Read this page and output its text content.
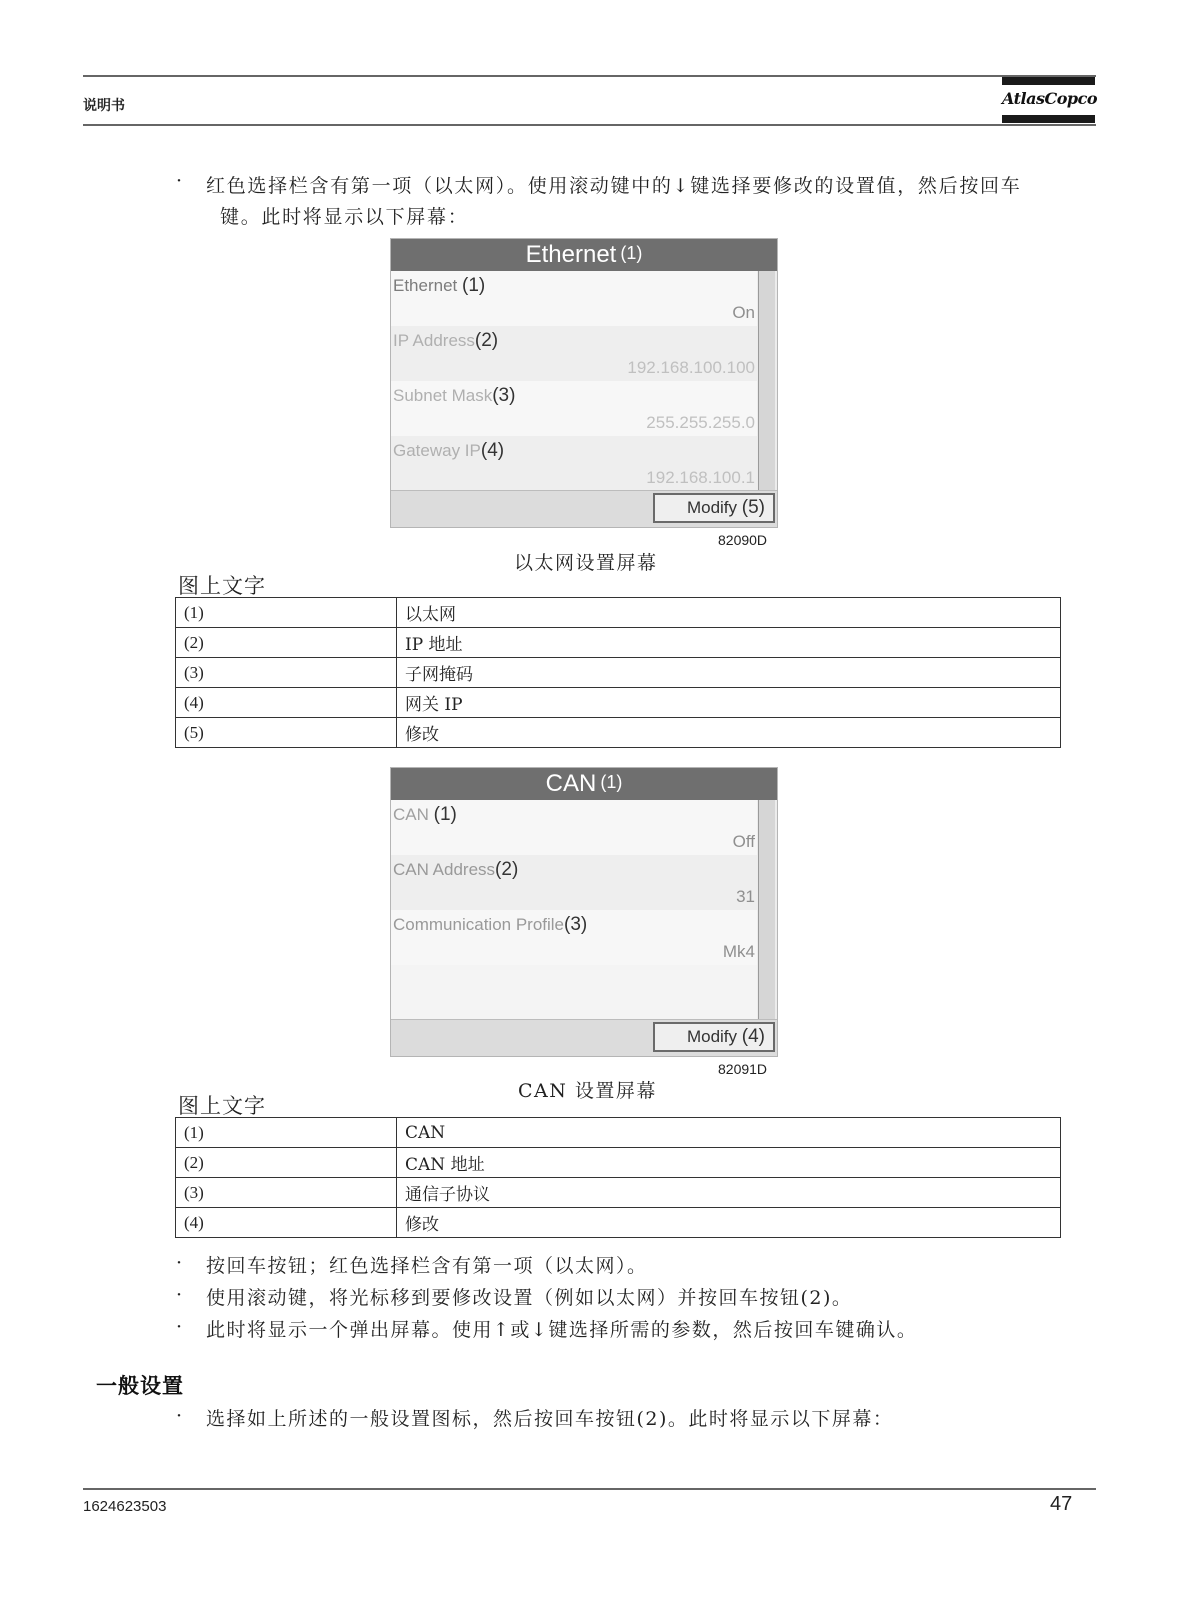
说明书	AtlasCopco
· 红色选择栏含有第一项（以太网）。使用滚动键中的↓键选择要修改的设置值，然后按回车
键。此时将显示以下屏幕：
Ethernet (1)
Ethernet (1)
On
IP Address(2)
192.168.100.100
Subnet Mask(3)
255.255.255.0
Gateway IP(4)
192.168.100.1
Modify (5)
82090D
以太网设置屏幕
图上文字
(1)	以太网
(2)	IP 地址
(3)	子网掩码
(4)	网关 IP
(5)	修改
CAN (1)
CAN (1)
Off
CAN Address(2)
31
Communication Profile(3)
Mk4
Modify (4)
82091D
CAN 设置屏幕
图上文字
(1)	CAN
(2)	CAN 地址
(3)	通信子协议
(4)	修改
· 按回车按钮；红色选择栏含有第一项（以太网）。
· 使用滚动键，将光标移到要修改设置（例如以太网）并按回车按钮(2)。
· 此时将显示一个弹出屏幕。使用↑或↓键选择所需的参数，然后按回车键确认。
一般设置
· 选择如上所述的一般设置图标，然后按回车按钮(2)。此时将显示以下屏幕：
1624623503	47
